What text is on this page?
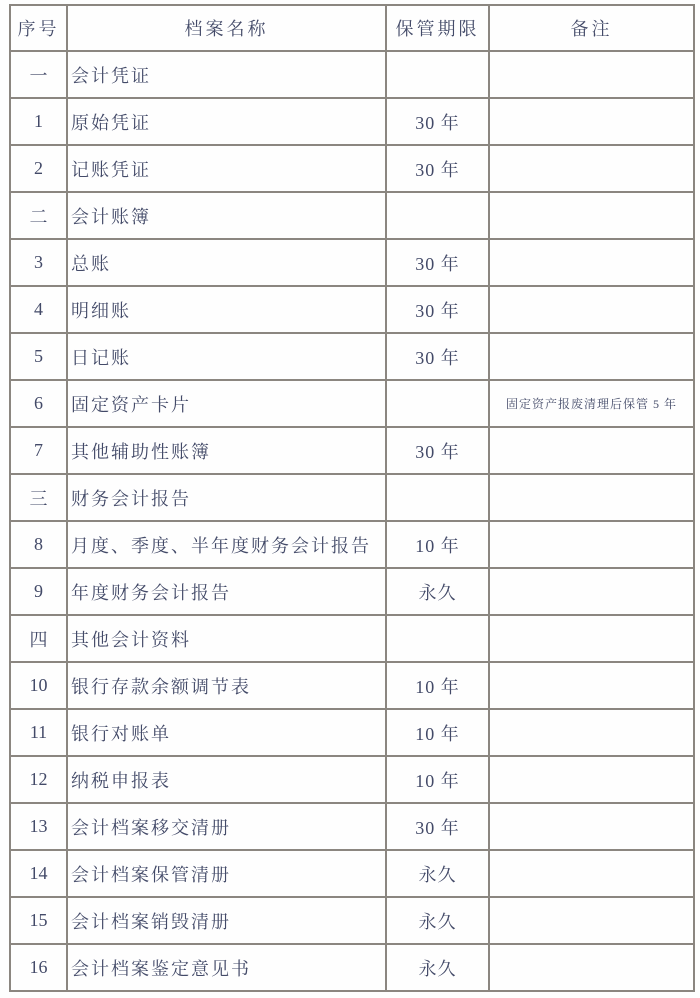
序号	档案名称	保管期限	备注
一	会计凭证		
1	原始凭证	30 年	
2	记账凭证	30 年	
二	会计账簿		
3	总账	30 年	
4	明细账	30 年	
5	日记账	30 年	
6	固定资产卡片		固定资产报废清理后保管 5 年
7	其他辅助性账簿	30 年	
三	财务会计报告		
8	月度、季度、半年度财务会计报告	10 年	
9	年度财务会计报告	永久	
四	其他会计资料		
10	银行存款余额调节表	10 年	
11	银行对账单	10 年	
12	纳税申报表	10 年	
13	会计档案移交清册	30 年	
14	会计档案保管清册	永久	
15	会计档案销毁清册	永久	
16	会计档案鉴定意见书	永久	
